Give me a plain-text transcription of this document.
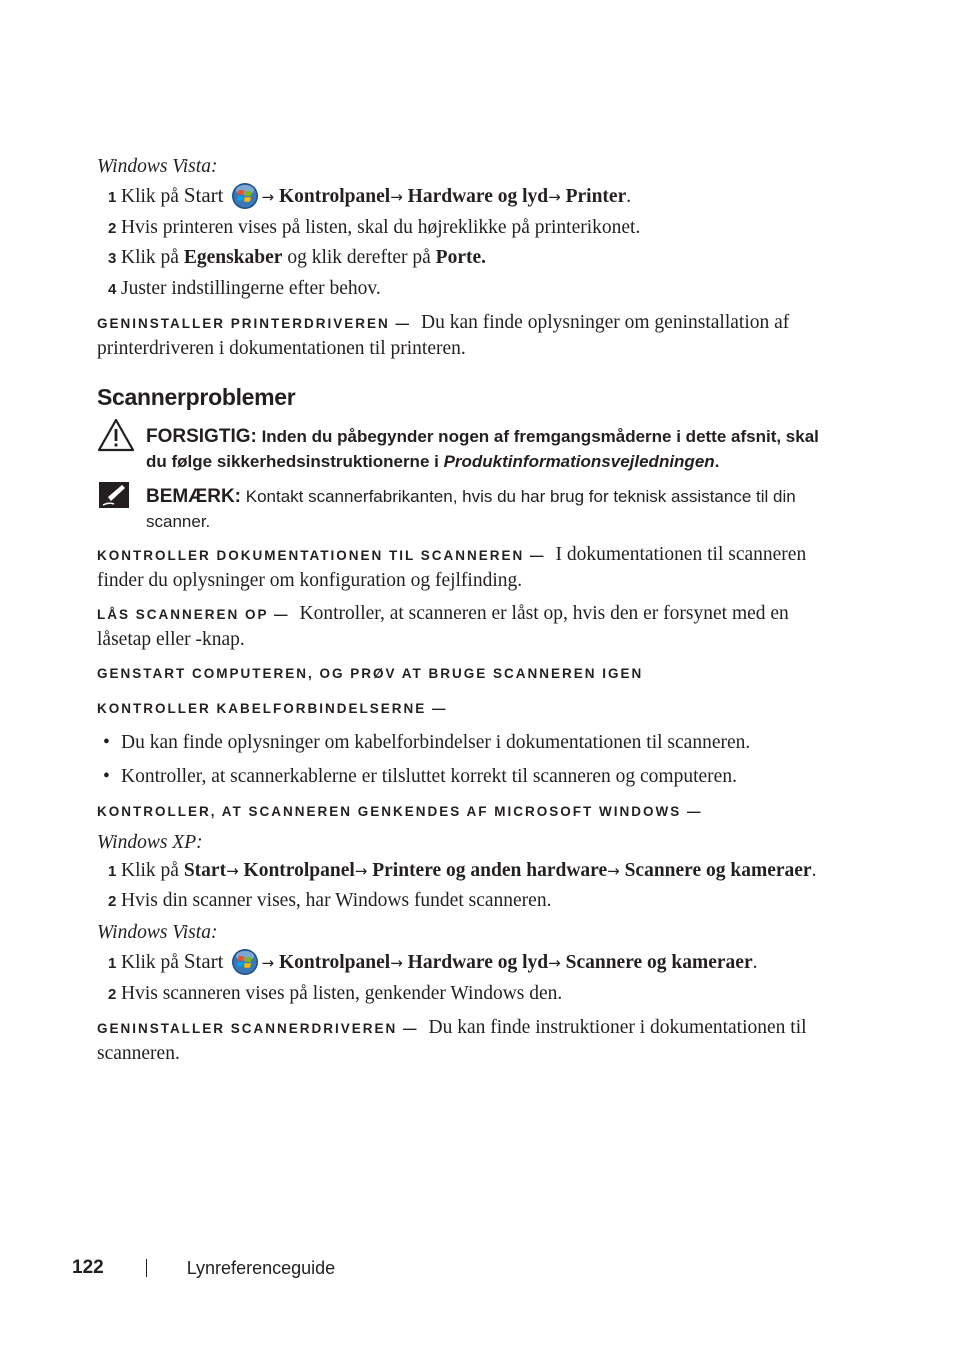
Windows Vista:
1 Klik på Start	→ Kontrolpanel→ Hardware og lyd→ Printer.
2 Hvis printeren vises på listen, skal du højreklikke på printerikonet.
3 Klik på Egenskaber og klik derefter på Porte.
4 Juster indstillingerne efter behov.

GENINSTALLER PRINTERDRIVEREN — Du kan finde oplysninger om geninstallation af printerdriveren i dokumentationen til printeren.

Scannerproblemer
FORSIGTIG: Inden du påbegynder nogen af fremgangsmåderne i dette afsnit, skal du følge sikkerhedsinstruktionerne i Produktinformationsvejledningen.
BEMÆRK: Kontakt scannerfabrikanten, hvis du har brug for teknisk assistance til din scanner.

KONTROLLER DOKUMENTATIONEN TIL SCANNEREN — I dokumentationen til scanneren finder du oplysninger om konfiguration og fejlfinding.

LÅS SCANNEREN OP — Kontroller, at scanneren er låst op, hvis den er forsynet med en låsetap eller -knap.

GENSTART COMPUTEREN, OG PRØV AT BRUGE SCANNEREN IGEN

KONTROLLER KABELFORBINDELSERNE —

• Du kan finde oplysninger om kabelforbindelser i dokumentationen til scanneren.
• Kontroller, at scannerkablerne er tilsluttet korrekt til scanneren og computeren.

KONTROLLER, AT SCANNEREN GENKENDES AF MICROSOFT WINDOWS —

Windows XP:
1 Klik på Start→ Kontrolpanel→ Printere og anden hardware→ Scannere og kameraer.
2 Hvis din scanner vises, har Windows fundet scanneren.
Windows Vista:
1 Klik på Start	→ Kontrolpanel→ Hardware og lyd→ Scannere og kameraer.
2 Hvis scanneren vises på listen, genkender Windows den.

GENINSTALLER SCANNERDRIVEREN — Du kan finde instruktioner i dokumentationen til scanneren.

122	Lynreferenceguide
